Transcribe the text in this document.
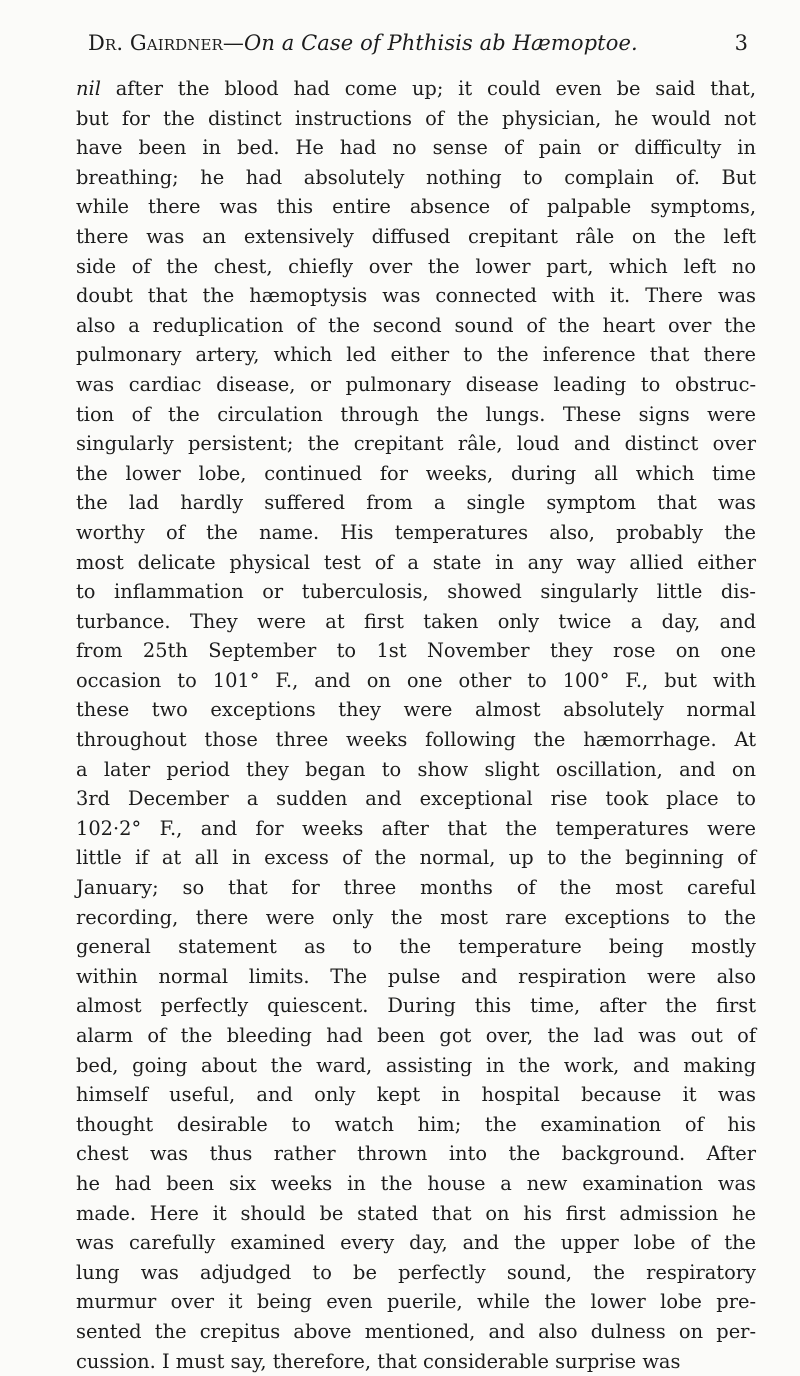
Dr. Gairdner—On a Case of Phthisis ab Hæmoptoe.	3
nil after the blood had come up; it could even be said that,
but for the distinct instructions of the physician, he would not
have been in bed. He had no sense of pain or difficulty in
breathing; he had absolutely nothing to complain of. But
while there was this entire absence of palpable symptoms,
there was an extensively diffused crepitant râle on the left
side of the chest, chiefly over the lower part, which left no
doubt that the hæmoptysis was connected with it. There was
also a reduplication of the second sound of the heart over the
pulmonary artery, which led either to the inference that there
was cardiac disease, or pulmonary disease leading to obstruc-
tion of the circulation through the lungs. These signs were
singularly persistent; the crepitant râle, loud and distinct over
the lower lobe, continued for weeks, during all which time
the lad hardly suffered from a single symptom that was
worthy of the name. His temperatures also, probably the
most delicate physical test of a state in any way allied either
to inflammation or tuberculosis, showed singularly little dis-
turbance. They were at first taken only twice a day, and
from 25th September to 1st November they rose on one
occasion to 101° F., and on one other to 100° F., but with
these two exceptions they were almost absolutely normal
throughout those three weeks following the hæmorrhage. At
a later period they began to show slight oscillation, and on
3rd December a sudden and exceptional rise took place to
102·2° F., and for weeks after that the temperatures were
little if at all in excess of the normal, up to the beginning of
January; so that for three months of the most careful
recording, there were only the most rare exceptions to the
general statement as to the temperature being mostly
within normal limits. The pulse and respiration were also
almost perfectly quiescent. During this time, after the first
alarm of the bleeding had been got over, the lad was out of
bed, going about the ward, assisting in the work, and making
himself useful, and only kept in hospital because it was
thought desirable to watch him; the examination of his
chest was thus rather thrown into the background. After
he had been six weeks in the house a new examination was
made. Here it should be stated that on his first admission he
was carefully examined every day, and the upper lobe of the
lung was adjudged to be perfectly sound, the respiratory
murmur over it being even puerile, while the lower lobe pre-
sented the crepitus above mentioned, and also dulness on per-
cussion. I must say, therefore, that considerable surprise was
